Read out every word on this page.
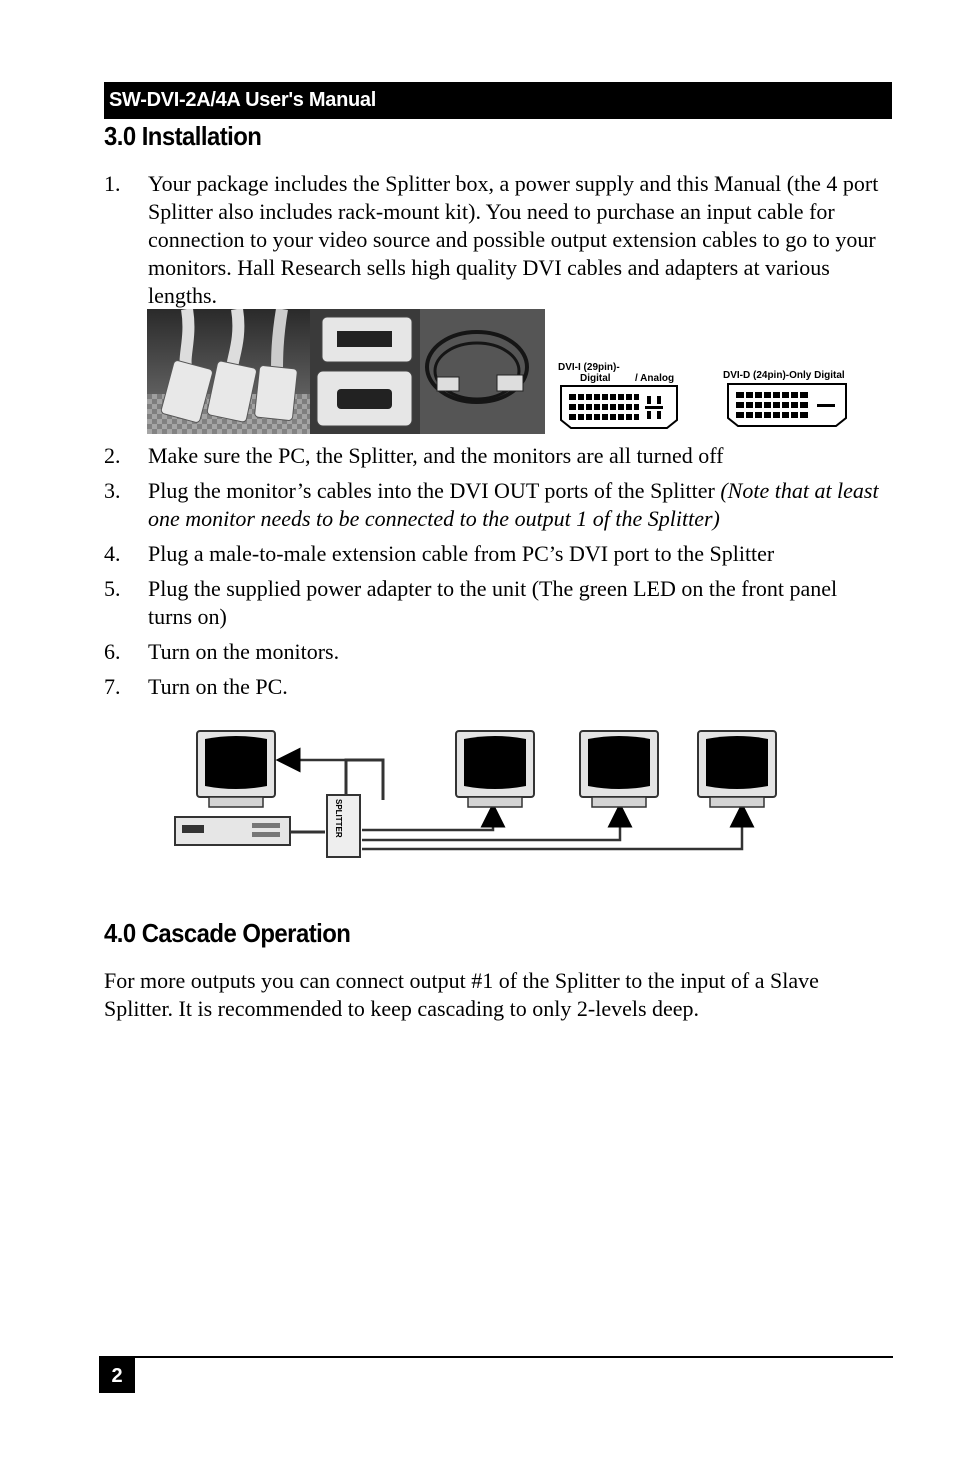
SW-DVI-2A/4A User's Manual
3.0 Installation
1. Your package includes the Splitter box, a power supply and this Manual (the 4 port Splitter also includes rack-mount kit). You need to purchase an input cable for connection to your video source and possible output extension cables to go to your monitors. Hall Research sells high quality DVI cables and adapters at various lengths.
DVI-I (29pin)-
Digital / Analog	DVI-D (24pin)-Only Digital
2. Make sure the PC, the Splitter, and the monitors are all turned off
3. Plug the monitor’s cables into the DVI OUT ports of the Splitter (Note that at least one monitor needs to be connected to the output 1 of the Splitter)
4. Plug a male-to-male extension cable from PC’s DVI port to the Splitter
5. Plug the supplied power adapter to the unit (The green LED on the front panel turns on)
6. Turn on the monitors.
7. Turn on the PC.
SPLITTER
4.0 Cascade Operation

For more outputs you can connect output #1 of the Splitter to the input of a Slave Splitter. It is recommended to keep cascading to only 2-levels deep.

2
